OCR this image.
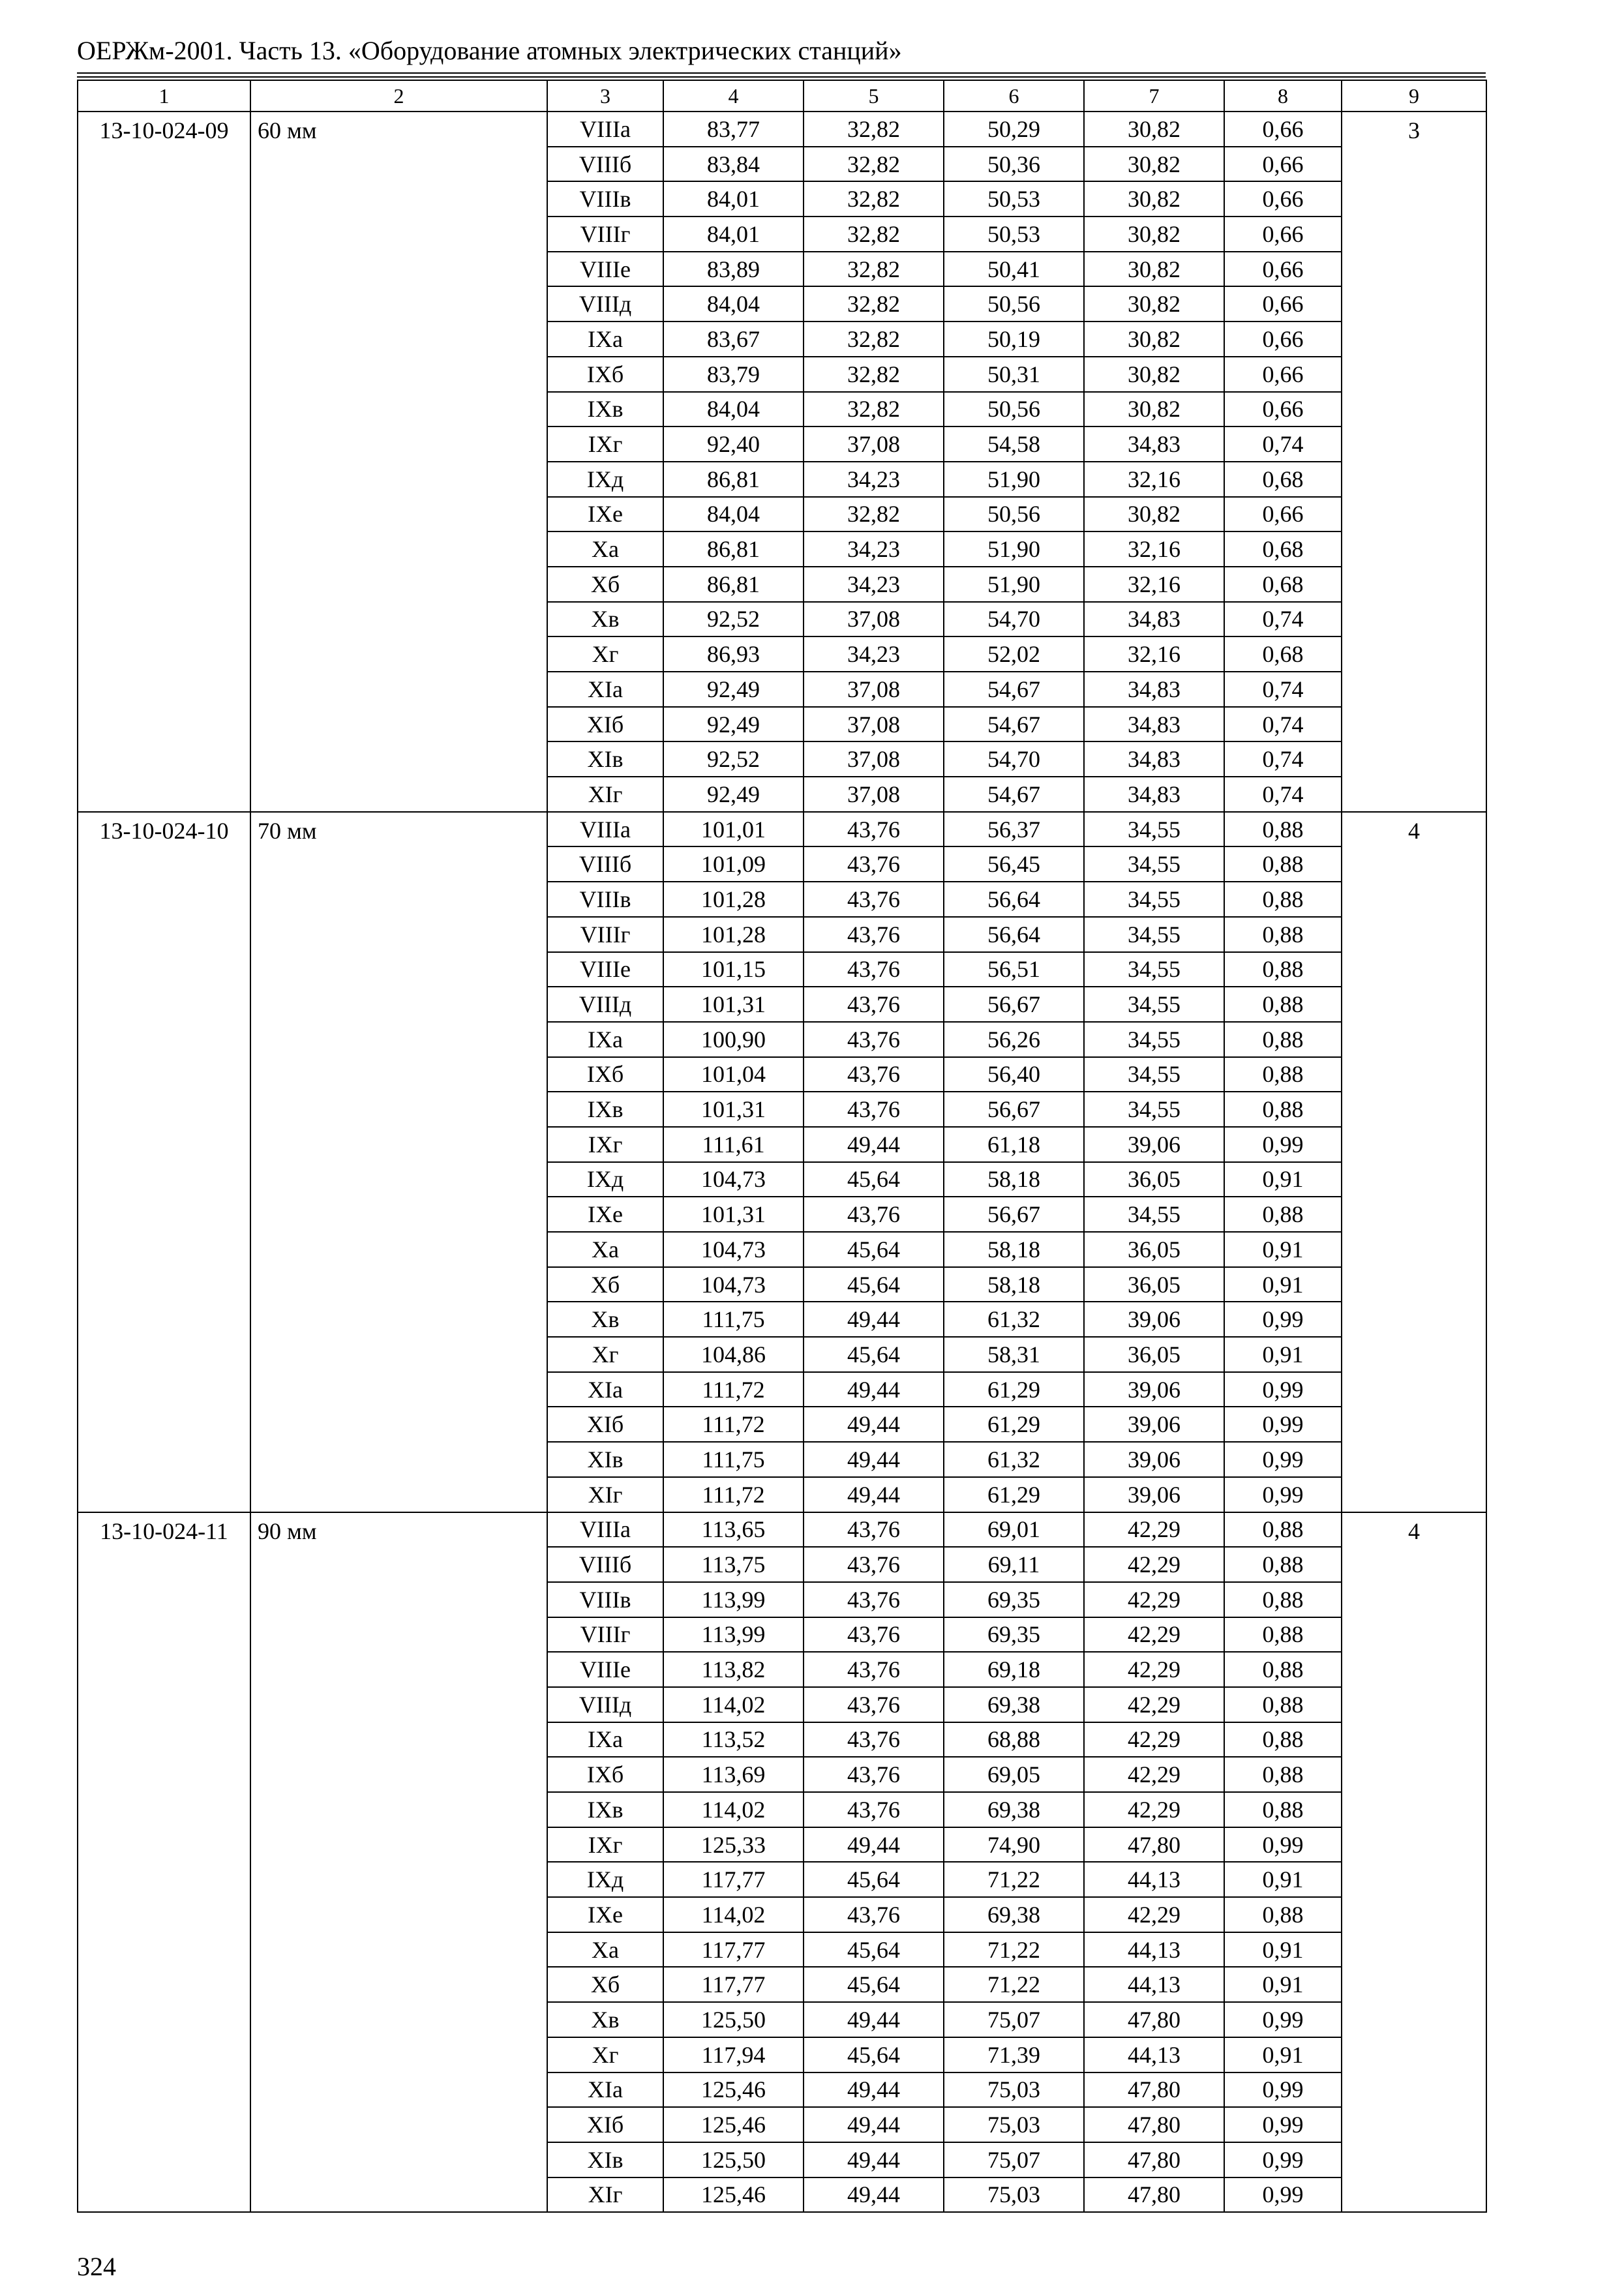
ОЕРЖм-2001. Часть 13. «Оборудование атомных электрических станций»
1	2	3	4	5	6	7	8	9
13-10-024-09	60 мм	VIIIа	83,77	32,82	50,29	30,82	0,66	3
		VIIIб	83,84	32,82	50,36	30,82	0,66	
		VIIIв	84,01	32,82	50,53	30,82	0,66	
		VIIIг	84,01	32,82	50,53	30,82	0,66	
		VIIIе	83,89	32,82	50,41	30,82	0,66	
		VIIIд	84,04	32,82	50,56	30,82	0,66	
		IXа	83,67	32,82	50,19	30,82	0,66	
		IXб	83,79	32,82	50,31	30,82	0,66	
		IXв	84,04	32,82	50,56	30,82	0,66	
		IXг	92,40	37,08	54,58	34,83	0,74	
		IXд	86,81	34,23	51,90	32,16	0,68	
		IXе	84,04	32,82	50,56	30,82	0,66	
		Xа	86,81	34,23	51,90	32,16	0,68	
		Xб	86,81	34,23	51,90	32,16	0,68	
		Xв	92,52	37,08	54,70	34,83	0,74	
		Xг	86,93	34,23	52,02	32,16	0,68	
		XIа	92,49	37,08	54,67	34,83	0,74	
		XIб	92,49	37,08	54,67	34,83	0,74	
		XIв	92,52	37,08	54,70	34,83	0,74	
		XIг	92,49	37,08	54,67	34,83	0,74	
13-10-024-10	70 мм	VIIIа	101,01	43,76	56,37	34,55	0,88	4
		VIIIб	101,09	43,76	56,45	34,55	0,88	
		VIIIв	101,28	43,76	56,64	34,55	0,88	
		VIIIг	101,28	43,76	56,64	34,55	0,88	
		VIIIе	101,15	43,76	56,51	34,55	0,88	
		VIIIд	101,31	43,76	56,67	34,55	0,88	
		IXа	100,90	43,76	56,26	34,55	0,88	
		IXб	101,04	43,76	56,40	34,55	0,88	
		IXв	101,31	43,76	56,67	34,55	0,88	
		IXг	111,61	49,44	61,18	39,06	0,99	
		IXд	104,73	45,64	58,18	36,05	0,91	
		IXе	101,31	43,76	56,67	34,55	0,88	
		Xа	104,73	45,64	58,18	36,05	0,91	
		Xб	104,73	45,64	58,18	36,05	0,91	
		Xв	111,75	49,44	61,32	39,06	0,99	
		Xг	104,86	45,64	58,31	36,05	0,91	
		XIа	111,72	49,44	61,29	39,06	0,99	
		XIб	111,72	49,44	61,29	39,06	0,99	
		XIв	111,75	49,44	61,32	39,06	0,99	
		XIг	111,72	49,44	61,29	39,06	0,99	
13-10-024-11	90 мм	VIIIа	113,65	43,76	69,01	42,29	0,88	4
		VIIIб	113,75	43,76	69,11	42,29	0,88	
		VIIIв	113,99	43,76	69,35	42,29	0,88	
		VIIIг	113,99	43,76	69,35	42,29	0,88	
		VIIIе	113,82	43,76	69,18	42,29	0,88	
		VIIIд	114,02	43,76	69,38	42,29	0,88	
		IXа	113,52	43,76	68,88	42,29	0,88	
		IXб	113,69	43,76	69,05	42,29	0,88	
		IXв	114,02	43,76	69,38	42,29	0,88	
		IXг	125,33	49,44	74,90	47,80	0,99	
		IXд	117,77	45,64	71,22	44,13	0,91	
		IXе	114,02	43,76	69,38	42,29	0,88	
		Xа	117,77	45,64	71,22	44,13	0,91	
		Xб	117,77	45,64	71,22	44,13	0,91	
		Xв	125,50	49,44	75,07	47,80	0,99	
		Xг	117,94	45,64	71,39	44,13	0,91	
		XIа	125,46	49,44	75,03	47,80	0,99	
		XIб	125,46	49,44	75,03	47,80	0,99	
		XIв	125,50	49,44	75,07	47,80	0,99	
		XIг	125,46	49,44	75,03	47,80	0,99	
324
